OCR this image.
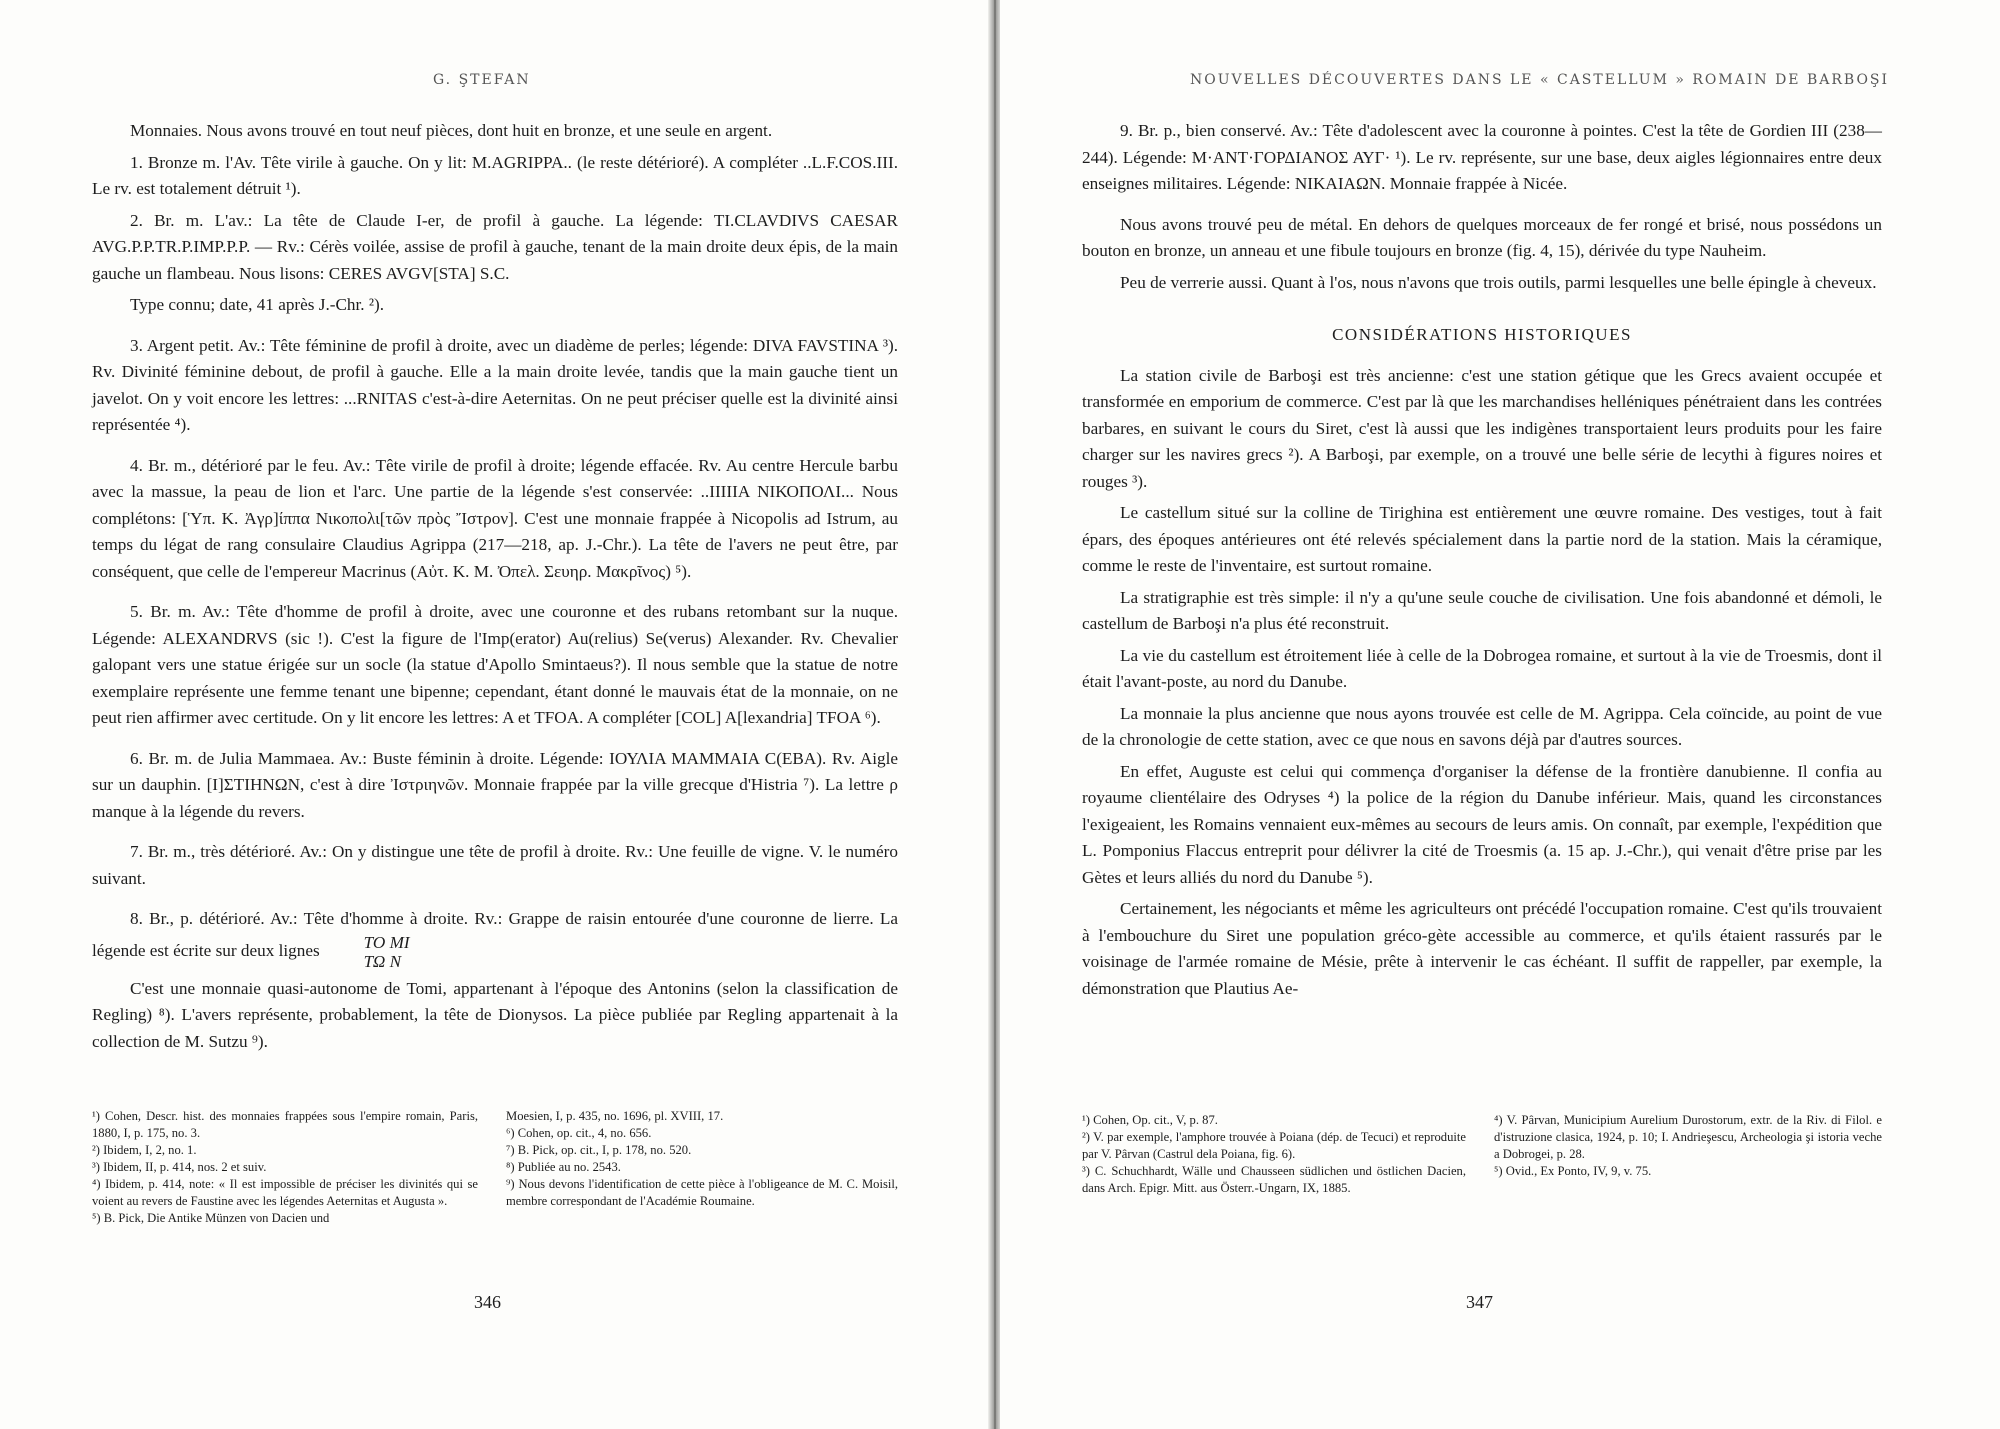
G. ŞTEFAN

Monnaies. Nous avons trouvé en tout neuf pièces, dont huit en bronze, et une seule en argent.

1. Bronze m. l'Av. Tête virile à gauche. On y lit: M.AGRIPPA.. (le reste détérioré). A compléter ..L.F.COS.III. Le rv. est totalement détruit ¹).

2. Br. m. L'av.: La tête de Claude I-er, de profil à gauche. La légende: TI.CLAVDIVS CAESAR AVG.P.P.TR.P.IMP.P.P. — Rv.: Cérès voilée, assise de profil à gauche, tenant de la main droite deux épis, de la main gauche un flambeau. Nous lisons: CERES AVGV[STA] S.C.

Type connu; date, 41 après J.-Chr. ²).

3. Argent petit. Av.: Tête féminine de profil à droite, avec un diadème de perles; légende: DIVA FAVSTINA ³). Rv. Divinité féminine debout, de profil à gauche. Elle a la main droite levée, tandis que la main gauche tient un javelot. On y voit encore les lettres: ...RNITAS c'est-à-dire Aeternitas. On ne peut préciser quelle est la divinité ainsi représentée ⁴).

4. Br. m., détérioré par le feu. Av.: Tête virile de profil à droite; légende effacée. Rv. Au centre Hercule barbu avec la massue, la peau de lion et l'arc. Une partie de la légende s'est conservée: ..ΙΙΙΙΙΑ ΝΙΚΟΠΟΛΙ... Nous complétons: [Ὑπ. Κ. Ἀγρ]ίππα Νικοπολι[τῶν πρὸς Ἴστρον]. C'est une monnaie frappée à Nicopolis ad Istrum, au temps du légat de rang consulaire Claudius Agrippa (217—218, ap. J.-Chr.). La tête de l'avers ne peut être, par conséquent, que celle de l'empereur Macrinus (Αὐτ. Κ. Μ. Ὀπελ. Σευηρ. Μακρῖνος) ⁵).

5. Br. m. Av.: Tête d'homme de profil à droite, avec une couronne et des rubans retombant sur la nuque. Légende: ALEXANDRVS (sic !). C'est la figure de l'Imp(erator) Au(relius) Se(verus) Alexander. Rv. Chevalier galopant vers une statue érigée sur un socle (la statue d'Apollo Smintaeus?). Il nous semble que la statue de notre exemplaire représente une femme tenant une bipenne; cependant, étant donné le mauvais état de la monnaie, on ne peut rien affirmer avec certitude. On y lit encore les lettres: A et TFOA. A compléter [COL] A[lexandria] TFOA ⁶).

6. Br. m. de Julia Mammaea. Av.: Buste féminin à droite. Légende: ΙΟΥΛΙΑ ΜΑΜΜΑΙΑ C(EBA). Rv. Aigle sur un dauphin. [Ι]ΣΤΙΗΝΩΝ, c'est à dire Ἰστριηνῶν. Monnaie frappée par la ville grecque d'Histria ⁷). La lettre ρ manque à la légende du revers.

7. Br. m., très détérioré. Av.: On y distingue une tête de profil à droite. Rv.: Une feuille de vigne. V. le numéro suivant.

8. Br., p. détérioré. Av.: Tête d'homme à droite. Rv.: Grappe de raisin entourée d'une couronne de lierre. La légende est écrite sur deux lignes	ΤΟ ΜΙ
ΤΩ Ν

C'est une monnaie quasi-autonome de Tomi, appartenant à l'époque des Antonins (selon la classification de Regling) ⁸). L'avers représente, probablement, la tête de Dionysos. La pièce publiée par Regling appartenait à la collection de M. Sutzu ⁹).

¹) Cohen, Descr. hist. des monnaies frappées sous l'empire romain, Paris, 1880, I, p. 175, no. 3.
²) Ibidem, I, 2, no. 1.
³) Ibidem, II, p. 414, nos. 2 et suiv.
⁴) Ibidem, p. 414, note: « Il est impossible de préciser les divinités qui se voient au revers de Faustine avec les légendes Aeternitas et Augusta ».
⁵) B. Pick, Die Antike Münzen von Dacien und
Moesien, I, p. 435, no. 1696, pl. XVIII, 17.
⁶) Cohen, op. cit., 4, no. 656.
⁷) B. Pick, op. cit., I, p. 178, no. 520.
⁸) Publiée au no. 2543.
⁹) Nous devons l'identification de cette pièce à l'obligeance de M. C. Moisil, membre correspondant de l'Académie Roumaine.
346
NOUVELLES DÉCOUVERTES DANS LE « CASTELLUM » ROMAIN DE BARBOŞI

9. Br. p., bien conservé. Av.: Tête d'adolescent avec la couronne à pointes. C'est la tête de Gordien III (238—244). Légende: Μ·ΑΝΤ·ΓΟΡΔΙΑΝΟΣ ΑΥΓ· ¹). Le rv. représente, sur une base, deux aigles légionnaires entre deux enseignes militaires. Légende: ΝΙΚΑΙΑΩΝ. Monnaie frappée à Nicée.

Nous avons trouvé peu de métal. En dehors de quelques morceaux de fer rongé et brisé, nous possédons un bouton en bronze, un anneau et une fibule toujours en bronze (fig. 4, 15), dérivée du type Nauheim.

Peu de verrerie aussi. Quant à l'os, nous n'avons que trois outils, parmi lesquelles une belle épingle à cheveux.

CONSIDÉRATIONS HISTORIQUES

La station civile de Barboşi est très ancienne: c'est une station gétique que les Grecs avaient occupée et transformée en emporium de commerce. C'est par là que les marchandises helléniques pénétraient dans les contrées barbares, en suivant le cours du Siret, c'est là aussi que les indigènes transportaient leurs produits pour les faire charger sur les navires grecs ²). A Barboşi, par exemple, on a trouvé une belle série de lecythi à figures noires et rouges ³).

Le castellum situé sur la colline de Tirighina est entièrement une œuvre romaine. Des vestiges, tout à fait épars, des époques antérieures ont été relevés spécialement dans la partie nord de la station. Mais la céramique, comme le reste de l'inventaire, est surtout romaine.

La stratigraphie est très simple: il n'y a qu'une seule couche de civilisation. Une fois abandonné et démoli, le castellum de Barboşi n'a plus été reconstruit.

La vie du castellum est étroitement liée à celle de la Dobrogea romaine, et surtout à la vie de Troesmis, dont il était l'avant-poste, au nord du Danube.

La monnaie la plus ancienne que nous ayons trouvée est celle de M. Agrippa. Cela coïncide, au point de vue de la chronologie de cette station, avec ce que nous en savons déjà par d'autres sources.

En effet, Auguste est celui qui commença d'organiser la défense de la frontière danubienne. Il confia au royaume clientélaire des Odryses ⁴) la police de la région du Danube inférieur. Mais, quand les circonstances l'exigeaient, les Romains vennaient eux-mêmes au secours de leurs amis. On connaît, par exemple, l'expédition que L. Pomponius Flaccus entreprit pour délivrer la cité de Troesmis (a. 15 ap. J.-Chr.), qui venait d'être prise par les Gètes et leurs alliés du nord du Danube ⁵).

Certainement, les négociants et même les agriculteurs ont précédé l'occupation romaine. C'est qu'ils trouvaient à l'embouchure du Siret une population gréco-gète accessible au commerce, et qu'ils étaient rassurés par le voisinage de l'armée romaine de Mésie, prête à intervenir le cas échéant. Il suffit de rappeller, par exemple, la démonstration que Plautius Ae-

¹) Cohen, Op. cit., V, p. 87.
²) V. par exemple, l'amphore trouvée à Poiana (dép. de Tecuci) et reproduite par V. Pârvan (Castrul dela Poiana, fig. 6).
³) C. Schuchhardt, Wälle und Chausseen südlichen und östlichen Dacien, dans Arch. Epigr. Mitt. aus Österr.-Ungarn, IX, 1885.
⁴) V. Pârvan, Municipium Aurelium Durostorum, extr. de la Riv. di Filol. e d'istruzione clasica, 1924, p. 10; I. Andrieşescu, Archeologia şi istoria veche a Dobrogei, p. 28.
⁵) Ovid., Ex Ponto, IV, 9, v. 75.
347
